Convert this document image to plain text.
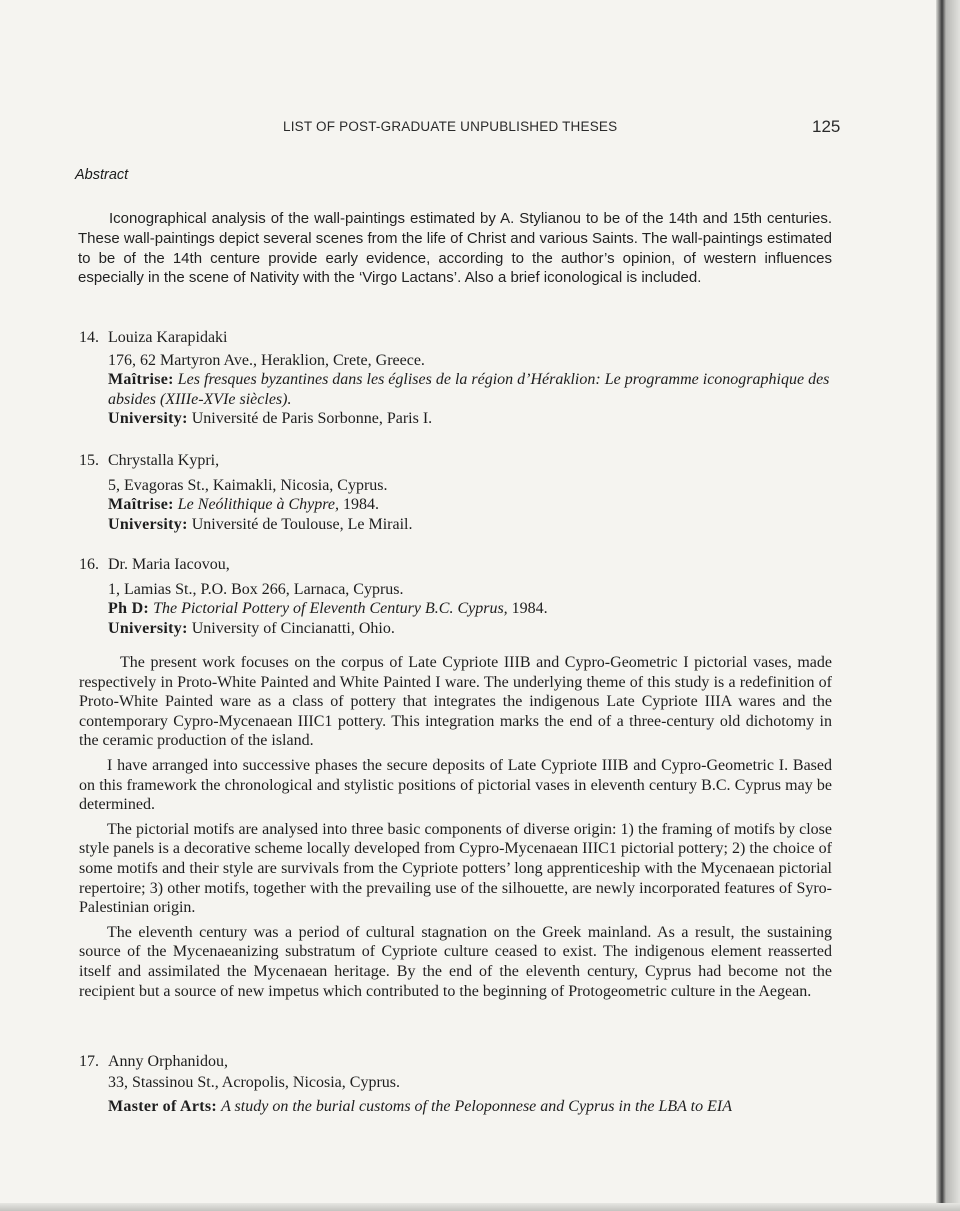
LIST OF POST-GRADUATE UNPUBLISHED THESES	125
Abstract

Iconographical analysis of the wall-paintings estimated by A. Stylianou to be of the 14th and 15th centuries. These wall-paintings depict several scenes from the life of Christ and various Saints. The wall-paintings estimated to be of the 14th centure provide early evidence, according to the author’s opinion, of western influences especially in the scene of Nativity with the ‘Virgo Lactans’. Also a brief iconological is included.

14. Louiza Karapidaki
176, 62 Martyron Ave., Heraklion, Crete, Greece.
Maîtrise: Les fresques byzantines dans les églises de la région d’Héraklion: Le programme iconographique des absides (XIIIe-XVIe siècles).
University: Université de Paris Sorbonne, Paris I.
15. Chrystalla Kypri,
5, Evagoras St., Kaimakli, Nicosia, Cyprus.
Maîtrise: Le Neólithique à Chypre, 1984.
University: Université de Toulouse, Le Mirail.
16. Dr. Maria Iacovou,
1, Lamias St., P.O. Box 266, Larnaca, Cyprus.
Ph D: The Pictorial Pottery of Eleventh Century B.C. Cyprus, 1984.
University: University of Cincianatti, Ohio.

The present work focuses on the corpus of Late Cypriote IIIB and Cypro-Geometric I pictorial vases, made respectively in Proto-White Painted and White Painted I ware. The underlying theme of this study is a redefinition of Proto-White Painted ware as a class of pottery that integrates the indigenous Late Cypriote IIIA wares and the contemporary Cypro-Mycenaean IIIC1 pottery. This integration marks the end of a three-century old dichotomy in the ceramic production of the island.

I have arranged into successive phases the secure deposits of Late Cypriote IIIB and Cypro-Geometric I. Based on this framework the chronological and stylistic positions of pictorial vases in eleventh century B.C. Cyprus may be determined.

The pictorial motifs are analysed into three basic components of diverse origin: 1) the framing of motifs by close style panels is a decorative scheme locally developed from Cypro-Mycenaean IIIC1 pictorial pottery; 2) the choice of some motifs and their style are survivals from the Cypriote potters’ long apprenticeship with the Mycenaean pictorial repertoire; 3) other motifs, together with the prevailing use of the silhouette, are newly incorporated features of Syro-Palestinian origin.

The eleventh century was a period of cultural stagnation on the Greek mainland. As a result, the sustaining source of the Mycenaeanizing substratum of Cypriote culture ceased to exist. The indigenous element reasserted itself and assimilated the Mycenaean heritage. By the end of the eleventh century, Cyprus had become not the recipient but a source of new impetus which contributed to the beginning of Protogeometric culture in the Aegean.

17. Anny Orphanidou,
33, Stassinou St., Acropolis, Nicosia, Cyprus.
Master of Arts: A study on the burial customs of the Peloponnese and Cyprus in the LBA to EIA
